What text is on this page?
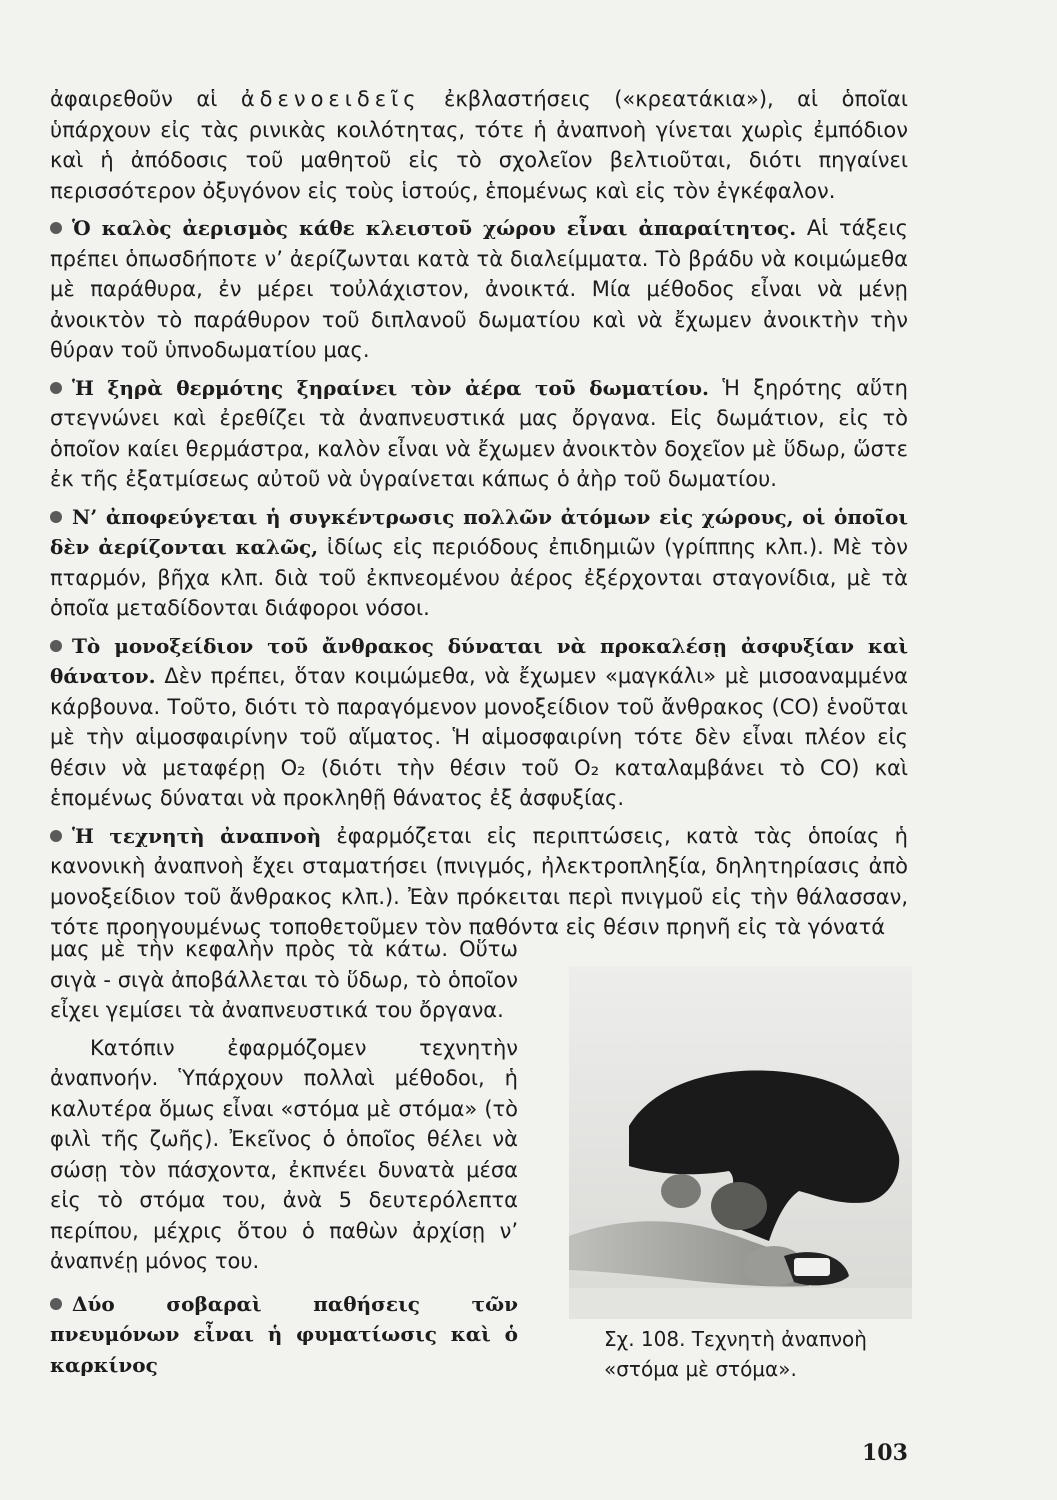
ἀφαιρεθοῦν αἱ ἀδενοειδεῖς ἐκβλαστήσεις («κρεατάκια»), αἱ ὁποῖαι ὑπάρχουν εἰς τὰς ρινικὰς κοιλότητας, τότε ἡ ἀναπνοὴ γίνεται χωρὶς ἐμπόδιον καὶ ἡ ἀπόδοσις τοῦ μαθητοῦ εἰς τὸ σχολεῖον βελτιοῦται, διότι πηγαίνει περισσότερον ὀξυγόνον εἰς τοὺς ἱστούς, ἑπομένως καὶ εἰς τὸν ἐγκέφαλον.

Ὁ καλὸς ἀερισμὸς κάθε κλειστοῦ χώρου εἶναι ἀπαραίτητος. Αἱ τάξεις πρέπει ὁπωσδήποτε ν’ ἀερίζωνται κατὰ τὰ διαλείμματα. Τὸ βράδυ νὰ κοιμώμεθα μὲ παράθυρα, ἐν μέρει τοὐλάχιστον, ἀνοικτά. Μία μέθοδος εἶναι νὰ μένῃ ἀνοικτὸν τὸ παράθυρον τοῦ διπλανοῦ δωματίου καὶ νὰ ἔχωμεν ἀνοικτὴν τὴν θύραν τοῦ ὑπνοδωματίου μας.

Ἡ ξηρὰ θερμότης ξηραίνει τὸν ἀέρα τοῦ δωματίου. Ἡ ξηρότης αὕτη στεγνώνει καὶ ἐρεθίζει τὰ ἀναπνευστικά μας ὄργανα. Εἰς δωμάτιον, εἰς τὸ ὁποῖον καίει θερμάστρα, καλὸν εἶναι νὰ ἔχωμεν ἀνοικτὸν δοχεῖον μὲ ὕδωρ, ὥστε ἐκ τῆς ἐξατμίσεως αὐτοῦ νὰ ὑγραίνεται κάπως ὁ ἀὴρ τοῦ δωματίου.

Ν’ ἀποφεύγεται ἡ συγκέντρωσις πολλῶν ἀτόμων εἰς χώρους, οἱ ὁποῖοι δὲν ἀερίζονται καλῶς, ἰδίως εἰς περιόδους ἐπιδημιῶν (γρίππης κλπ.). Μὲ τὸν πταρμόν, βῆχα κλπ. διὰ τοῦ ἐκπνεομένου ἀέρος ἐξέρχονται σταγονίδια, μὲ τὰ ὁποῖα μεταδίδονται διάφοροι νόσοι.

Τὸ μονοξείδιον τοῦ ἄνθρακος δύναται νὰ προκαλέσῃ ἀσφυξίαν καὶ θάνατον. Δὲν πρέπει, ὅταν κοιμώμεθα, νὰ ἔχωμεν «μαγκάλι» μὲ μισοαναμμένα κάρβουνα. Τοῦτο, διότι τὸ παραγόμενον μονοξείδιον τοῦ ἄνθρακος (CO) ἑνοῦται μὲ τὴν αἱμοσφαιρίνην τοῦ αἵματος. Ἡ αἱμοσφαιρίνη τότε δὲν εἶναι πλέον εἰς θέσιν νὰ μεταφέρῃ O₂ (διότι τὴν θέσιν τοῦ O₂ καταλαμβάνει τὸ CO) καὶ ἑπομένως δύναται νὰ προκληθῇ θάνατος ἐξ ἀσφυξίας.

Ἡ τεχνητὴ ἀναπνοὴ ἐφαρμόζεται εἰς περιπτώσεις, κατὰ τὰς ὁποίας ἡ κανονικὴ ἀναπνοὴ ἔχει σταματήσει (πνιγμός, ἠλεκτροπληξία, δηλητηρίασις ἀπὸ μονοξείδιον τοῦ ἄνθρακος κλπ.). Ἐὰν πρόκειται περὶ πνιγμοῦ εἰς τὴν θάλασσαν, τότε προηγουμένως τοποθετοῦμεν τὸν παθόντα εἰς θέσιν πρηνῆ εἰς τὰ γόνατά

μας μὲ τὴν κεφαλὴν πρὸς τὰ κάτω. Οὕτω σιγὰ - σιγὰ ἀποβάλλεται τὸ ὕδωρ, τὸ ὁποῖον εἶχει γεμίσει τὰ ἀναπνευστικά του ὄργανα.

Κατόπιν ἐφαρμόζομεν τεχνητὴν ἀναπνοήν. Ὑπάρχουν πολλαὶ μέθοδοι, ἡ καλυτέρα ὅμως εἶναι «στόμα μὲ στόμα» (τὸ φιλὶ τῆς ζωῆς). Ἐκεῖνος ὁ ὁποῖος θέλει νὰ σώσῃ τὸν πάσχοντα, ἐκπνέει δυνατὰ μέσα εἰς τὸ στόμα του, ἀνὰ 5 δευτερόλεπτα περίπου, μέχρις ὅτου ὁ παθὼν ἀρχίσῃ ν’ ἀναπνέῃ μόνος του.

Δύο σοβαραὶ παθήσεις τῶν πνευμόνων εἶναι ἡ φυματίωσις καὶ ὁ καρκίνος

Σχ. 108. Τεχνητὴ ἀναπνοὴ
«στόμα μὲ στόμα».
103
